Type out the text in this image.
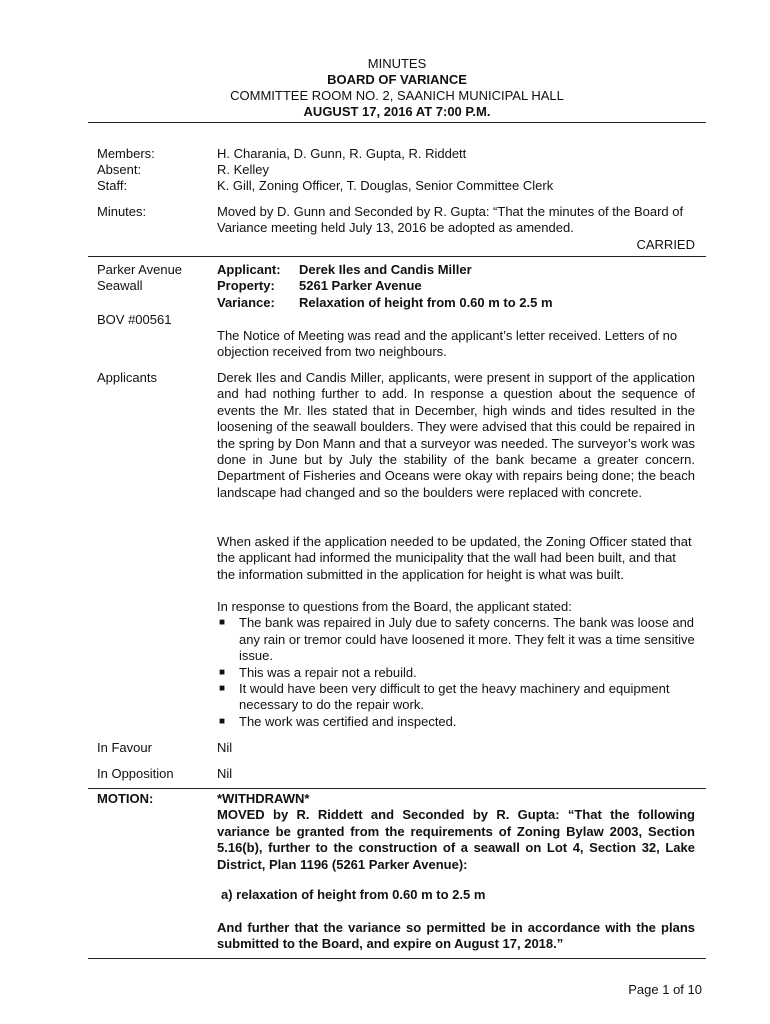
MINUTES
BOARD OF VARIANCE
COMMITTEE ROOM NO. 2, SAANICH MUNICIPAL HALL
AUGUST 17, 2016 AT 7:00 P.M.
Members:	H. Charania, D. Gunn, R. Gupta, R. Riddett
Absent:	R. Kelley
Staff:	K. Gill, Zoning Officer, T. Douglas, Senior Committee Clerk
Minutes:	Moved by D. Gunn and Seconded by R. Gupta: “That the minutes of the Board of Variance meeting held July 13, 2016 be adopted as amended.
CARRIED
Parker Avenue
Seawall
BOV #00561
Applicant:	Derek Iles and Candis Miller
Property:	5261 Parker Avenue
Variance:	Relaxation of height from 0.60 m to 2.5 m
The Notice of Meeting was read and the applicant’s letter received. Letters of no objection received from two neighbours.
Applicants	Derek Iles and Candis Miller, applicants, were present in support of the application and had nothing further to add. In response a question about the sequence of events the Mr. Iles stated that in December, high winds and tides resulted in the loosening of the seawall boulders. They were advised that this could be repaired in the spring by Don Mann and that a surveyor was needed. The surveyor’s work was done in June but by July the stability of the bank became a greater concern. Department of Fisheries and Oceans were okay with repairs being done; the beach landscape had changed and so the boulders were replaced with concrete.
When asked if the application needed to be updated, the Zoning Officer stated that the applicant had informed the municipality that the wall had been built, and that the information submitted in the application for height is what was built.
In response to questions from the Board, the applicant stated:
■ The bank was repaired in July due to safety concerns. The bank was loose and any rain or tremor could have loosened it more. They felt it was a time sensitive issue.
■ This was a repair not a rebuild.
■ It would have been very difficult to get the heavy machinery and equipment necessary to do the repair work.
■ The work was certified and inspected.
In Favour	Nil
In Opposition	Nil
MOTION:	*WITHDRAWN*
MOVED by R. Riddett and Seconded by R. Gupta: “That the following variance be granted from the requirements of Zoning Bylaw 2003, Section 5.16(b), further to the construction of a seawall on Lot 4, Section 32, Lake District, Plan 1196 (5261 Parker Avenue):
a) relaxation of height from 0.60 m to 2.5 m
And further that the variance so permitted be in accordance with the plans submitted to the Board, and expire on August 17, 2018.”
Page 1 of 10
